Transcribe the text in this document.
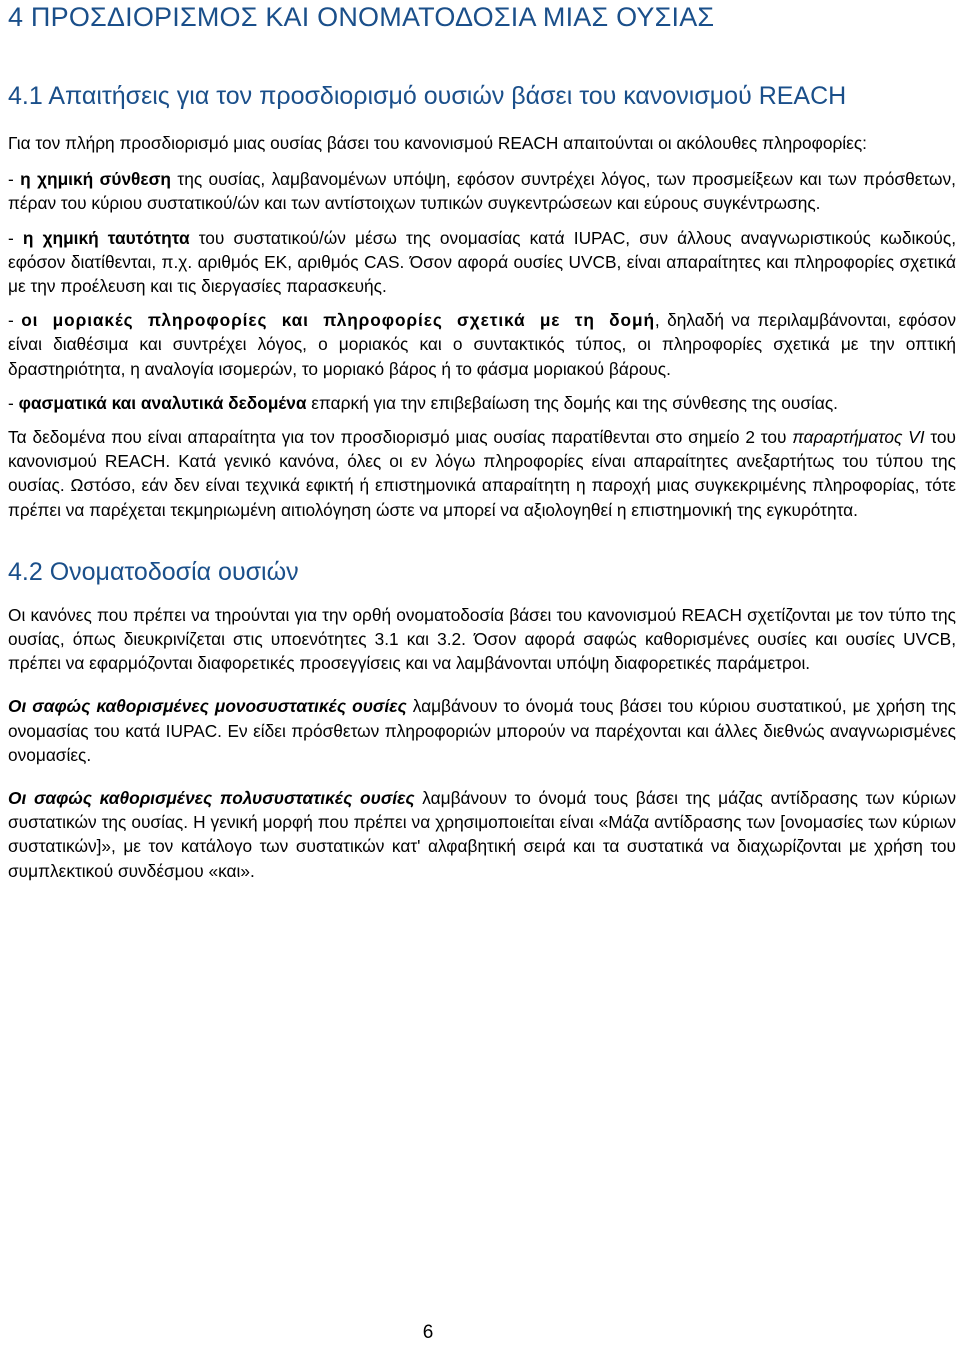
4 ΠΡΟΣΔΙΟΡΙΣΜΟΣ ΚΑΙ ΟΝΟΜΑΤΟΔΟΣΙΑ ΜΙΑΣ ΟΥΣΙΑΣ
4.1 Απαιτήσεις για τον προσδιορισμό ουσιών βάσει του κανονισμού REACH

Για τον πλήρη προσδιορισμό μιας ουσίας βάσει του κανονισμού REACH απαιτούνται οι ακόλουθες πληροφορίες:

- η χημική σύνθεση της ουσίας, λαμβανομένων υπόψη, εφόσον συντρέχει λόγος, των προσμείξεων και των πρόσθετων, πέραν του κύριου συστατικού/ών και των αντίστοιχων τυπικών συγκεντρώσεων και εύρους συγκέντρωσης.

- η χημική ταυτότητα του συστατικού/ών μέσω της ονομασίας κατά IUPAC, συν άλλους αναγνωριστικούς κωδικούς, εφόσον διατίθενται, π.χ. αριθμός ΕΚ, αριθμός CAS. Όσον αφορά ουσίες UVCB, είναι απαραίτητες και πληροφορίες σχετικά με την προέλευση και τις διεργασίες παρασκευής.

- οι μοριακές πληροφορίες και πληροφορίες σχετικά με τη δομή, δηλαδή να περιλαμβάνονται, εφόσον είναι διαθέσιμα και συντρέχει λόγος, ο μοριακός και ο συντακτικός τύπος, οι πληροφορίες σχετικά με την οπτική δραστηριότητα, η αναλογία ισομερών, το μοριακό βάρος ή το φάσμα μοριακού βάρους.

- φασματικά και αναλυτικά δεδομένα επαρκή για την επιβεβαίωση της δομής και της σύνθεσης της ουσίας.

Τα δεδομένα που είναι απαραίτητα για τον προσδιορισμό μιας ουσίας παρατίθενται στο σημείο 2 του παραρτήματος VI του κανονισμού REACH. Κατά γενικό κανόνα, όλες οι εν λόγω πληροφορίες είναι απαραίτητες ανεξαρτήτως του τύπου της ουσίας. Ωστόσο, εάν δεν είναι τεχνικά εφικτή ή επιστημονικά απαραίτητη η παροχή μιας συγκεκριμένης πληροφορίας, τότε πρέπει να παρέχεται τεκμηριωμένη αιτιολόγηση ώστε να μπορεί να αξιολογηθεί η επιστημονική της εγκυρότητα.

4.2 Ονοματοδοσία ουσιών

Οι κανόνες που πρέπει να τηρούνται για την ορθή ονοματοδοσία βάσει του κανονισμού REACH σχετίζονται με τον τύπο της ουσίας, όπως διευκρινίζεται στις υποενότητες 3.1 και 3.2. Όσον αφορά σαφώς καθορισμένες ουσίες και ουσίες UVCB, πρέπει να εφαρμόζονται διαφορετικές προσεγγίσεις και να λαμβάνονται υπόψη διαφορετικές παράμετροι.

Οι σαφώς καθορισμένες μονοσυστατικές ουσίες λαμβάνουν το όνομά τους βάσει του κύριου συστατικού, με χρήση της ονομασίας του κατά IUPAC. Εν είδει πρόσθετων πληροφοριών μπορούν να παρέχονται και άλλες διεθνώς αναγνωρισμένες ονομασίες.

Οι σαφώς καθορισμένες πολυσυστατικές ουσίες λαμβάνουν το όνομά τους βάσει της μάζας αντίδρασης των κύριων συστατικών της ουσίας. Η γενική μορφή που πρέπει να χρησιμοποιείται είναι «Μάζα αντίδρασης των [ονομασίες των κύριων συστατικών]», με τον κατάλογο των συστατικών κατ' αλφαβητική σειρά και τα συστατικά να διαχωρίζονται με χρήση του συμπλεκτικού συνδέσμου «και».

6
